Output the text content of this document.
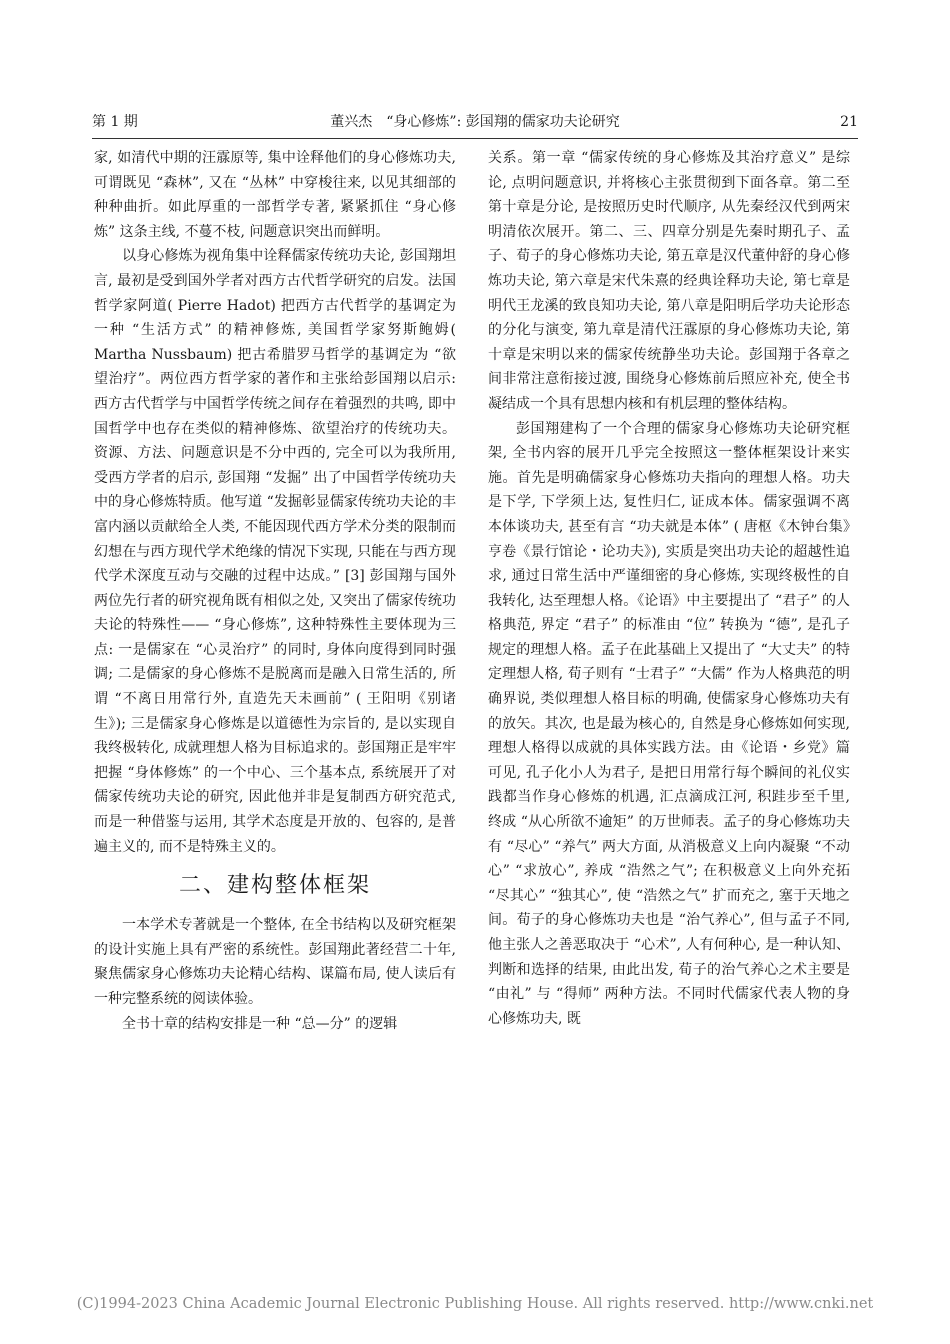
第 1 期	董兴杰　“身心修炼”: 彭国翔的儒家功夫论研究	21

家, 如清代中期的汪霡原等, 集中诠释他们的身心修炼功夫, 可谓既见 “森林”, 又在 “丛林” 中穿梭往来, 以见其细部的种种曲折。如此厚重的一部哲学专著, 紧紧抓住 “身心修炼” 这条主线, 不蔓不枝, 问题意识突出而鲜明。

以身心修炼为视角集中诠释儒家传统功夫论, 彭国翔坦言, 最初是受到国外学者对西方古代哲学研究的启发。法国哲学家阿道( Pierre Hadot) 把西方古代哲学的基调定为一种 “生活方式” 的精神修炼, 美国哲学家努斯鲍姆( Martha Nussbaum) 把古希腊罗马哲学的基调定为 “欲望治疗”。两位西方哲学家的著作和主张给彭国翔以启示: 西方古代哲学与中国哲学传统之间存在着强烈的共鸣, 即中国哲学中也存在类似的精神修炼、欲望治疗的传统功夫。资源、方法、问题意识是不分中西的, 完全可以为我所用, 受西方学者的启示, 彭国翔 “发掘” 出了中国哲学传统功夫中的身心修炼特质。他写道 “发掘彰显儒家传统功夫论的丰富内涵以贡献给全人类, 不能因现代西方学术分类的限制而幻想在与西方现代学术绝缘的情况下实现, 只能在与西方现代学术深度互动与交融的过程中达成。” [3] 彭国翔与国外两位先行者的研究视角既有相似之处, 又突出了儒家传统功夫论的特殊性—— “身心修炼”, 这种特殊性主要体现为三点: 一是儒家在 “心灵治疗” 的同时, 身体向度得到同时强调; 二是儒家的身心修炼不是脱离而是融入日常生活的, 所谓 “不离日用常行外, 直造先天未画前” ( 王阳明《别诸生》); 三是儒家身心修炼是以道德性为宗旨的, 是以实现自我终极转化, 成就理想人格为目标追求的。彭国翔正是牢牢把握 “身体修炼” 的一个中心、三个基本点, 系统展开了对儒家传统功夫论的研究, 因此他并非是复制西方研究范式, 而是一种借鉴与运用, 其学术态度是开放的、包容的, 是普遍主义的, 而不是特殊主义的。

二、建构整体框架

一本学术专著就是一个整体, 在全书结构以及研究框架的设计实施上具有严密的系统性。彭国翔此著经营二十年, 聚焦儒家身心修炼功夫论精心结构、谋篇布局, 使人读后有一种完整系统的阅读体验。

全书十章的结构安排是一种 “总—分” 的逻辑

关系。第一章 “儒家传统的身心修炼及其治疗意义” 是综论, 点明问题意识, 并将核心主张贯彻到下面各章。第二至第十章是分论, 是按照历史时代顺序, 从先秦经汉代到两宋明清依次展开。第二、三、四章分别是先秦时期孔子、孟子、荀子的身心修炼功夫论, 第五章是汉代董仲舒的身心修炼功夫论, 第六章是宋代朱熹的经典诠释功夫论, 第七章是明代王龙溪的致良知功夫论, 第八章是阳明后学功夫论形态的分化与演变, 第九章是清代汪霡原的身心修炼功夫论, 第十章是宋明以来的儒家传统静坐功夫论。彭国翔于各章之间非常注意衔接过渡, 围绕身心修炼前后照应补充, 使全书凝结成一个具有思想内核和有机层理的整体结构。

彭国翔建构了一个合理的儒家身心修炼功夫论研究框架, 全书内容的展开几乎完全按照这一整体框架设计来实施。首先是明确儒家身心修炼功夫指向的理想人格。功夫是下学, 下学须上达, 复性归仁, 证成本体。儒家强调不离本体谈功夫, 甚至有言 “功夫就是本体” ( 唐枢《木钟台集》亨卷《景行馆论・论功夫》), 实质是突出功夫论的超越性追求, 通过日常生活中严谨细密的身心修炼, 实现终极性的自我转化, 达至理想人格。《论语》中主要提出了 “君子” 的人格典范, 界定 “君子” 的标准由 “位” 转换为 “德”, 是孔子规定的理想人格。孟子在此基础上又提出了 “大丈夫” 的特定理想人格, 荀子则有 “士君子” “大儒” 作为人格典范的明确界说, 类似理想人格目标的明确, 使儒家身心修炼功夫有的放矢。其次, 也是最为核心的, 自然是身心修炼如何实现, 理想人格得以成就的具体实践方法。由《论语・乡党》篇可见, 孔子化小人为君子, 是把日用常行每个瞬间的礼仪实践都当作身心修炼的机遇, 汇点滴成江河, 积跬步至千里, 终成 “从心所欲不逾矩” 的万世师表。孟子的身心修炼功夫有 “尽心” “养气” 两大方面, 从消极意义上向内凝聚 “不动心” “求放心”, 养成 “浩然之气”; 在积极意义上向外充拓 “尽其心” “独其心”, 使 “浩然之气” 扩而充之, 塞于天地之间。荀子的身心修炼功夫也是 “治气养心”, 但与孟子不同, 他主张人之善恶取决于 “心术”, 人有何种心, 是一种认知、判断和选择的结果, 由此出发, 荀子的治气养心之术主要是 “由礼” 与 “得师” 两种方法。不同时代儒家代表人物的身心修炼功夫, 既

(C)1994-2023 China Academic Journal Electronic Publishing House. All rights reserved. http://www.cnki.net
